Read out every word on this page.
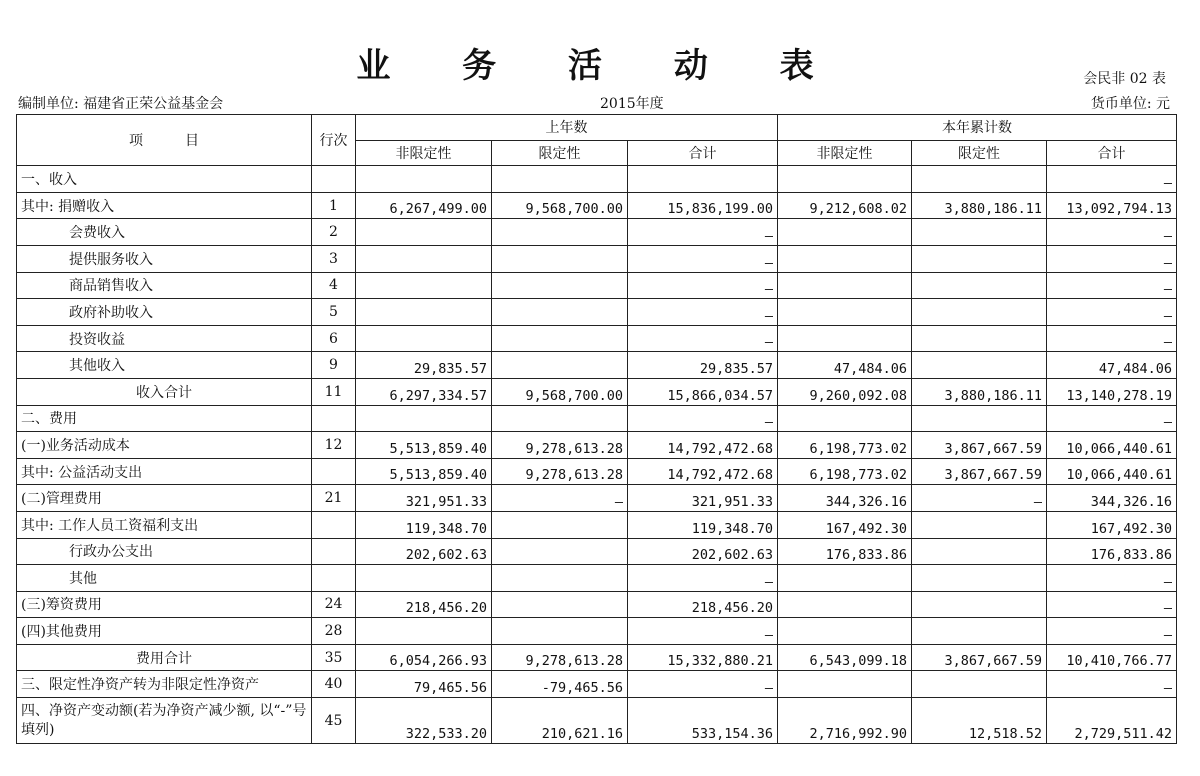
业 务 活 动 表	会民非 02 表
编制单位: 福建省正荣公益基金会	2015年度	货币单位: 元
项　　　目	行次	上年数			本年累计数		
		非限定性	限定性	合计	非限定性	限定性	合计
一、收入							–
其中: 捐赠收入	1	6,267,499.00	9,568,700.00	15,836,199.00	9,212,608.02	3,880,186.11	13,092,794.13
会费收入	2			–			–
提供服务收入	3			–			–
商品销售收入	4			–			–
政府补助收入	5			–			–
投资收益	6			–			–
其他收入	9	29,835.57		29,835.57	47,484.06		47,484.06
收入合计	11	6,297,334.57	9,568,700.00	15,866,034.57	9,260,092.08	3,880,186.11	13,140,278.19
二、费用				–			–
(一)业务活动成本	12	5,513,859.40	9,278,613.28	14,792,472.68	6,198,773.02	3,867,667.59	10,066,440.61
其中: 公益活动支出		5,513,859.40	9,278,613.28	14,792,472.68	6,198,773.02	3,867,667.59	10,066,440.61
(二)管理费用	21	321,951.33	–	321,951.33	344,326.16	–	344,326.16
其中: 工作人员工资福利支出		119,348.70		119,348.70	167,492.30		167,492.30
行政办公支出		202,602.63		202,602.63	176,833.86		176,833.86
其他				–			–
(三)筹资费用	24	218,456.20		218,456.20			–
(四)其他费用	28			–			–
费用合计	35	6,054,266.93	9,278,613.28	15,332,880.21	6,543,099.18	3,867,667.59	10,410,766.77
三、限定性净资产转为非限定性净资产	40	79,465.56	-79,465.56	–			–
四、净资产变动额(若为净资产减少额, 以“-”号填列)	45	322,533.20	210,621.16	533,154.36	2,716,992.90	12,518.52	2,729,511.42
